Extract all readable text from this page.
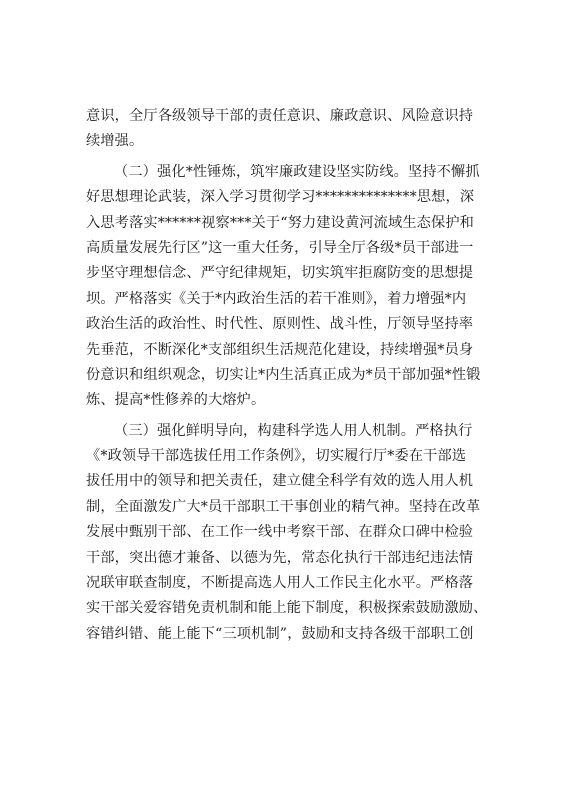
意识，全厅各级领导干部的责任意识、廉政意识、风险意识持
续增强。
（二）强化*性锤炼，筑牢廉政建设坚实防线。坚持不懈抓
好思想理论武装，深入学习贯彻学习**************思想，深
入思考落实******视察***关于“努力建设黄河流域生态保护和
高质量发展先行区”这一重大任务，引导全厅各级*员干部进一
步坚守理想信念、严守纪律规矩，切实筑牢拒腐防变的思想提
坝。严格落实《关于*内政治生活的若干准则》，着力增强*内
政治生活的政治性、时代性、原则性、战斗性，厅领导坚持率
先垂范，不断深化*支部组织生活规范化建设，持续增强*员身
份意识和组织观念，切实让*内生活真正成为*员干部加强*性锻
炼、提高*性修养的大熔炉。
（三）强化鲜明导向，构建科学选人用人机制。严格执行
《*政领导干部选拔任用工作条例》，切实履行厅*委在干部选
拔任用中的领导和把关责任，建立健全科学有效的选人用人机
制，全面激发广大*员干部职工干事创业的精气神。坚持在改革
发展中甄别干部、在工作一线中考察干部、在群众口碑中检验
干部，突出德才兼备、以德为先，常态化执行干部违纪违法情
况联审联查制度，不断提高选人用人工作民主化水平。严格落
实干部关爱容错免责机制和能上能下制度，积极探索鼓励激励、
容错纠错、能上能下“三项机制”，鼓励和支持各级干部职工创
